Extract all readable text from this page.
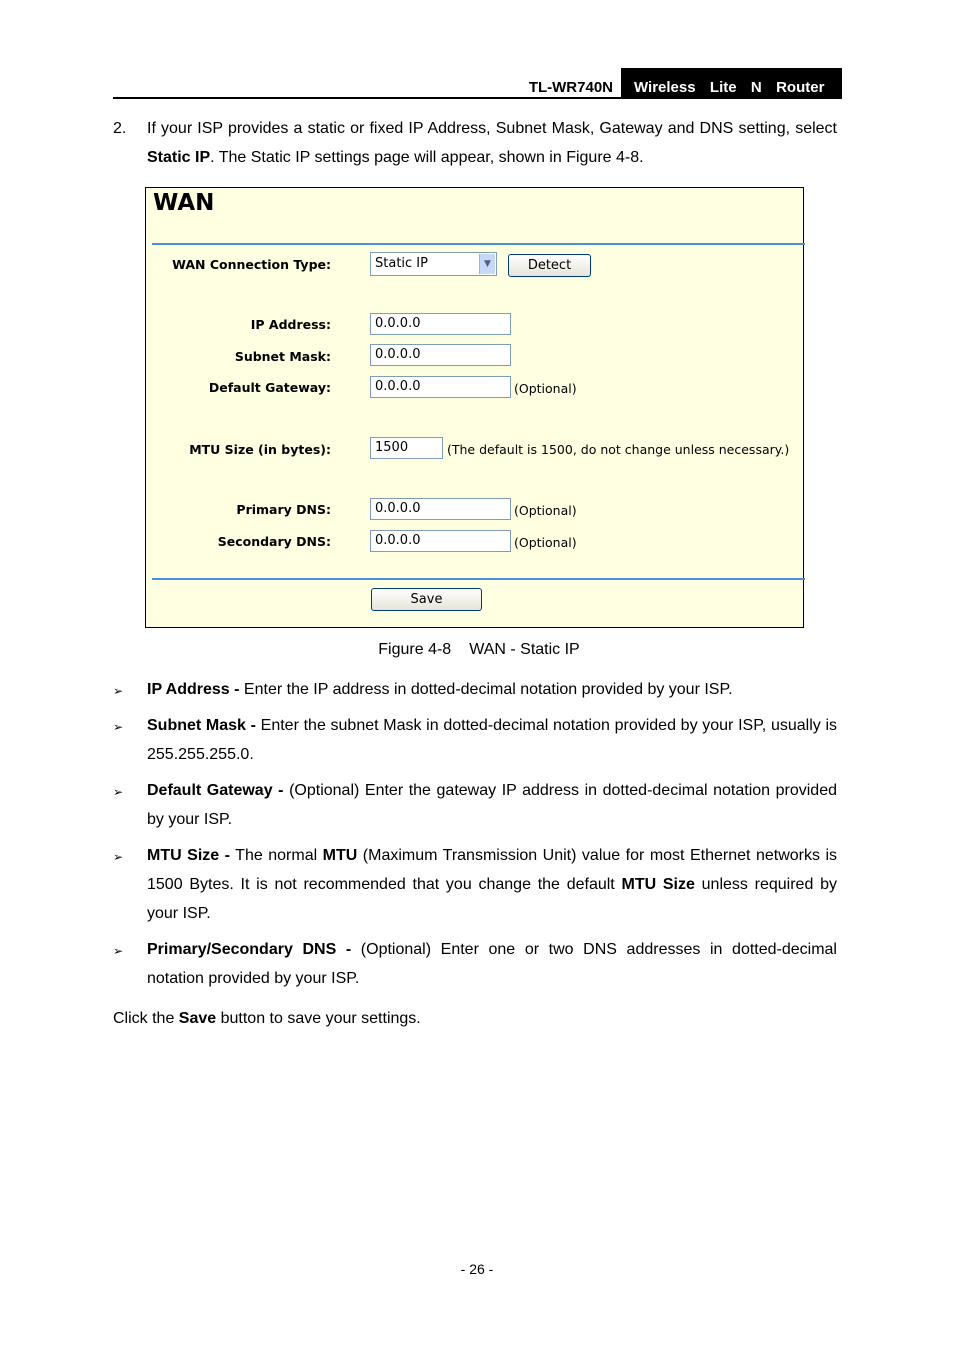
TL-WR740N	Wireless  Lite  N  Router
2. If your ISP provides a static or fixed IP Address, Subnet Mask, Gateway and DNS setting, select Static IP. The Static IP settings page will appear, shown in Figure 4-8.
WAN
WAN Connection Type:	Static IP	▼	Detect
IP Address:	0.0.0.0
Subnet Mask:	0.0.0.0
Default Gateway:	0.0.0.0	(Optional)
MTU Size (in bytes):	1500	(The default is 1500, do not change unless necessary.)
Primary DNS:	0.0.0.0	(Optional)
Secondary DNS:	0.0.0.0	(Optional)
Save
Figure 4-8 WAN - Static IP
➢ IP Address - Enter the IP address in dotted-decimal notation provided by your ISP.
➢ Subnet Mask - Enter the subnet Mask in dotted-decimal notation provided by your ISP, usually is 255.255.255.0.
➢ Default Gateway - (Optional) Enter the gateway IP address in dotted-decimal notation provided by your ISP.
➢ MTU Size - The normal MTU (Maximum Transmission Unit) value for most Ethernet networks is 1500 Bytes. It is not recommended that you change the default MTU Size unless required by your ISP.
➢ Primary/Secondary DNS - (Optional) Enter one or two DNS addresses in dotted-decimal notation provided by your ISP.
Click the Save button to save your settings.
- 26 -
